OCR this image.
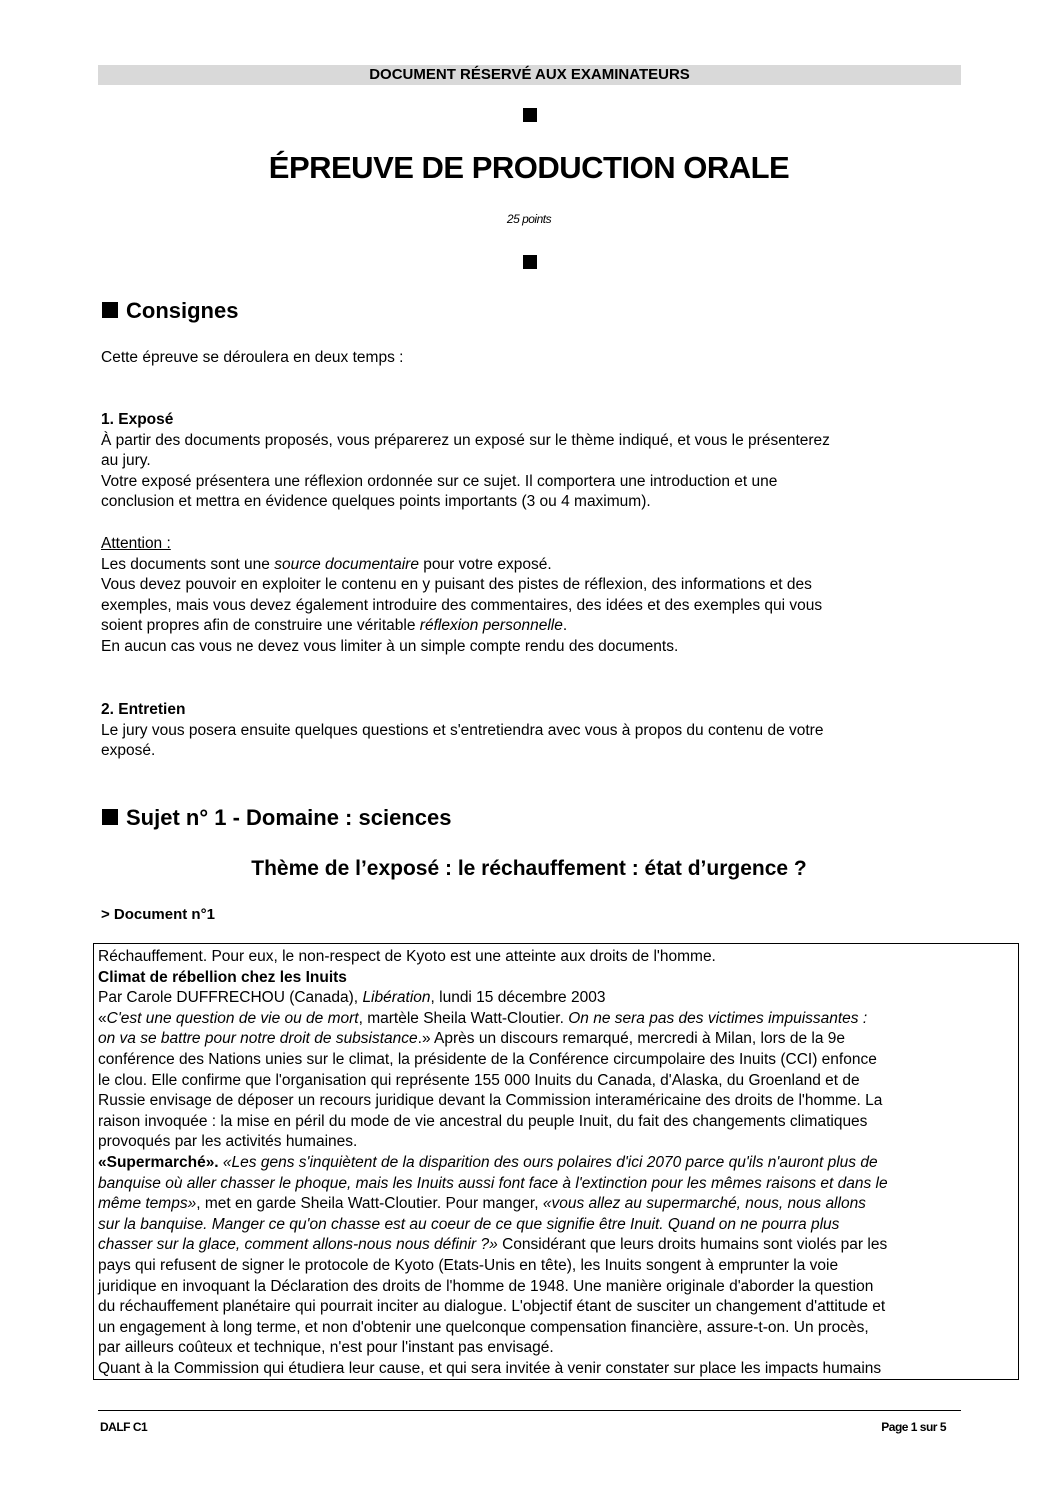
DOCUMENT RÉSERVÉ AUX EXAMINATEURS
ÉPREUVE DE PRODUCTION ORALE
25 points
Consignes
Cette épreuve se déroulera en deux temps :
1. Exposé
À partir des documents proposés, vous préparerez un exposé sur le thème indiqué, et vous le présenterez
au jury.
Votre exposé présentera une réflexion ordonnée sur ce sujet. Il comportera une introduction et une
conclusion et mettra en évidence quelques points importants (3 ou 4 maximum).
Attention :
Les documents sont une source documentaire pour votre exposé.
Vous devez pouvoir en exploiter le contenu en y puisant des pistes de réflexion, des informations et des
exemples, mais vous devez également introduire des commentaires, des idées et des exemples qui vous
soient propres afin de construire une véritable réflexion personnelle.
En aucun cas vous ne devez vous limiter à un simple compte rendu des documents.
2. Entretien
Le jury vous posera ensuite quelques questions et s'entretiendra avec vous à propos du contenu de votre
exposé.
Sujet n° 1 - Domaine : sciences
Thème de l’exposé : le réchauffement : état d’urgence ?
> Document n°1
Réchauffement. Pour eux, le non-respect de Kyoto est une atteinte aux droits de l'homme.
Climat de rébellion chez les Inuits
Par Carole DUFFRECHOU (Canada), Libération, lundi 15 décembre 2003
«C'est une question de vie ou de mort, martèle Sheila Watt-Cloutier. On ne sera pas des victimes impuissantes :
on va se battre pour notre droit de subsistance.» Après un discours remarqué, mercredi à Milan, lors de la 9e
conférence des Nations unies sur le climat, la présidente de la Conférence circumpolaire des Inuits (CCI) enfonce
le clou. Elle confirme que l'organisation qui représente 155 000 Inuits du Canada, d'Alaska, du Groenland et de
Russie envisage de déposer un recours juridique devant la Commission interaméricaine des droits de l'homme. La
raison invoquée : la mise en péril du mode de vie ancestral du peuple Inuit, du fait des changements climatiques
provoqués par les activités humaines.
«Supermarché». «Les gens s'inquiètent de la disparition des ours polaires d'ici 2070 parce qu'ils n'auront plus de
banquise où aller chasser le phoque, mais les Inuits aussi font face à l'extinction pour les mêmes raisons et dans le
même temps», met en garde Sheila Watt-Cloutier. Pour manger, «vous allez au supermarché, nous, nous allons
sur la banquise. Manger ce qu'on chasse est au coeur de ce que signifie être Inuit. Quand on ne pourra plus
chasser sur la glace, comment allons-nous nous définir ?» Considérant que leurs droits humains sont violés par les
pays qui refusent de signer le protocole de Kyoto (Etats-Unis en tête), les Inuits songent à emprunter la voie
juridique en invoquant la Déclaration des droits de l'homme de 1948. Une manière originale d'aborder la question
du réchauffement planétaire qui pourrait inciter au dialogue. L'objectif étant de susciter un changement d'attitude et
un engagement à long terme, et non d'obtenir une quelconque compensation financière, assure-t-on. Un procès,
par ailleurs coûteux et technique, n'est pour l'instant pas envisagé.
Quant à la Commission qui étudiera leur cause, et qui sera invitée à venir constater sur place les impacts humains
DALF C1	Page 1 sur 5
